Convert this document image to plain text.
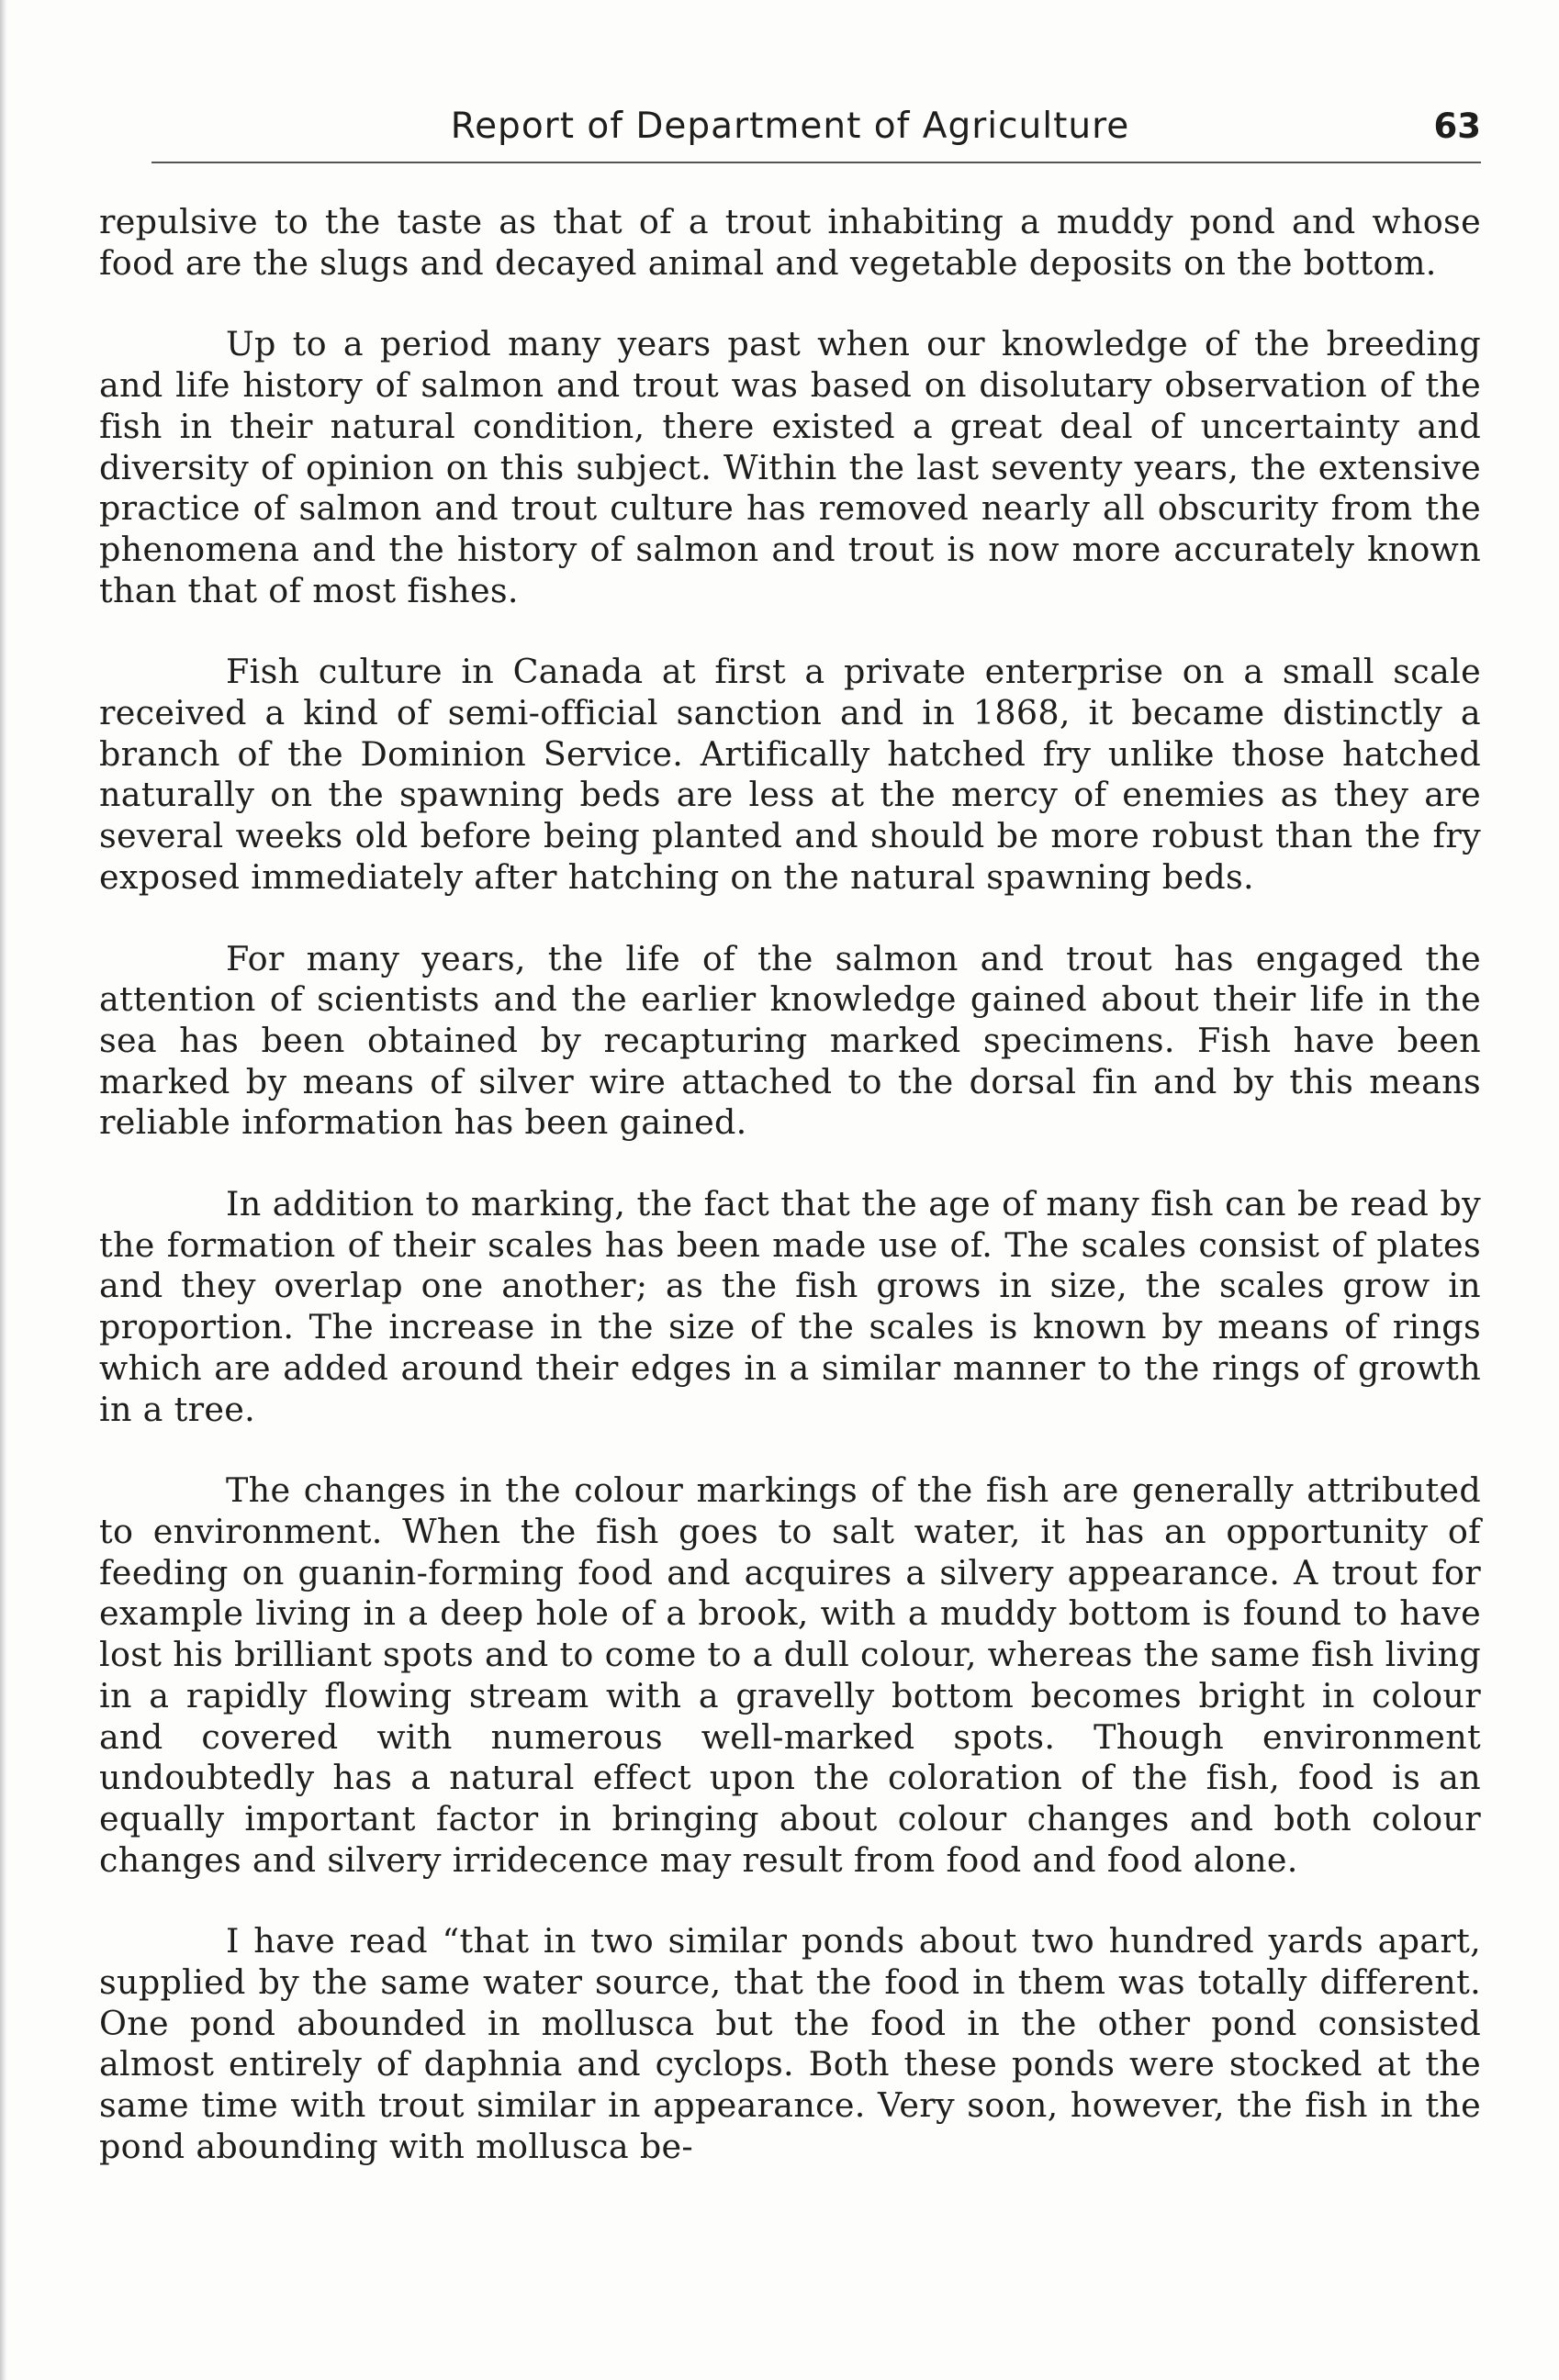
Report of Department of Agriculture	63

repulsive to the taste as that of a trout inhabiting a muddy pond and whose food are the slugs and decayed animal and vegetable deposits on the bottom.

Up to a period many years past when our knowledge of the breeding and life history of salmon and trout was based on disolutary observation of the fish in their natural condition, there existed a great deal of uncertainty and diversity of opinion on this subject. Within the last seventy years, the extensive practice of salmon and trout culture has removed nearly all obscurity from the phenomena and the history of salmon and trout is now more accurately known than that of most fishes.

Fish culture in Canada at first a private enterprise on a small scale received a kind of semi-official sanction and in 1868, it became distinctly a branch of the Dominion Service. Artifically hatched fry unlike those hatched naturally on the spawning beds are less at the mercy of enemies as they are several weeks old before being planted and should be more robust than the fry exposed immediately after hatching on the natural spawning beds.

For many years, the life of the salmon and trout has engaged the attention of scientists and the earlier knowledge gained about their life in the sea has been obtained by recapturing marked specimens. Fish have been marked by means of silver wire attached to the dorsal fin and by this means reliable information has been gained.

In addition to marking, the fact that the age of many fish can be read by the formation of their scales has been made use of. The scales consist of plates and they overlap one another; as the fish grows in size, the scales grow in proportion. The increase in the size of the scales is known by means of rings which are added around their edges in a similar manner to the rings of growth in a tree.

The changes in the colour markings of the fish are generally attributed to environment. When the fish goes to salt water, it has an opportunity of feeding on guanin-forming food and acquires a silvery appearance. A trout for example living in a deep hole of a brook, with a muddy bottom is found to have lost his brilliant spots and to come to a dull colour, whereas the same fish living in a rapidly flowing stream with a gravelly bottom becomes bright in colour and covered with numerous well-marked spots. Though environment undoubtedly has a natural effect upon the coloration of the fish, food is an equally important factor in bringing about colour changes and both colour changes and silvery irridecence may result from food and food alone.

I have read “that in two similar ponds about two hundred yards apart, supplied by the same water source, that the food in them was totally different. One pond abounded in mollusca but the food in the other pond consisted almost entirely of daphnia and cyclops. Both these ponds were stocked at the same time with trout similar in appearance. Very soon, however, the fish in the pond abounding with mollusca be-
